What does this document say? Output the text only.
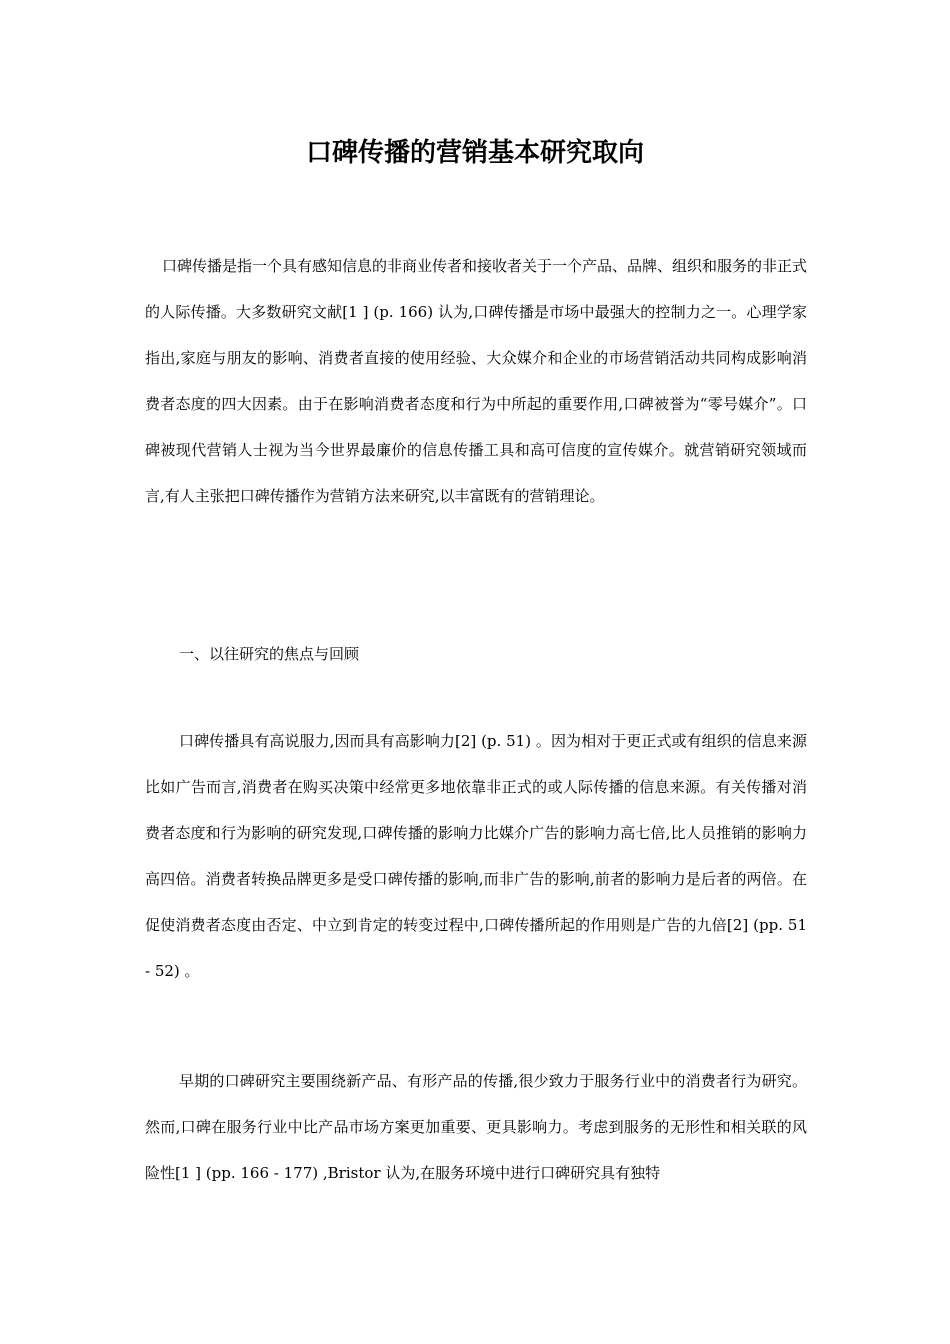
口碑传播的营销基本研究取向

口碑传播是指一个具有感知信息的非商业传者和接收者关于一个产品、品牌、组织和服务的非正式的人际传播。大多数研究文献[1 ] (p. 166) 认为,口碑传播是市场中最强大的控制力之一。心理学家指出,家庭与朋友的影响、消费者直接的使用经验、大众媒介和企业的市场营销活动共同构成影响消费者态度的四大因素。由于在影响消费者态度和行为中所起的重要作用,口碑被誉为“零号媒介”。口碑被现代营销人士视为当今世界最廉价的信息传播工具和高可信度的宣传媒介。就营销研究领域而言,有人主张把口碑传播作为营销方法来研究,以丰富既有的营销理论。

一、以往研究的焦点与回顾

口碑传播具有高说服力,因而具有高影响力[2] (p. 51) 。因为相对于更正式或有组织的信息来源比如广告而言,消费者在购买决策中经常更多地依靠非正式的或人际传播的信息来源。有关传播对消费者态度和行为影响的研究发现,口碑传播的影响力比媒介广告的影响力高七倍,比人员推销的影响力高四倍。消费者转换品牌更多是受口碑传播的影响,而非广告的影响,前者的影响力是后者的两倍。在促使消费者态度由否定、中立到肯定的转变过程中,口碑传播所起的作用则是广告的九倍[2] (pp. 51 - 52) 。

早期的口碑研究主要围绕新产品、有形产品的传播,很少致力于服务行业中的消费者行为研究。然而,口碑在服务行业中比产品市场方案更加重要、更具影响力。考虑到服务的无形性和相关联的风险性[1 ] (pp. 166 - 177) ,Bristor 认为,在服务环境中进行口碑研究具有独特
